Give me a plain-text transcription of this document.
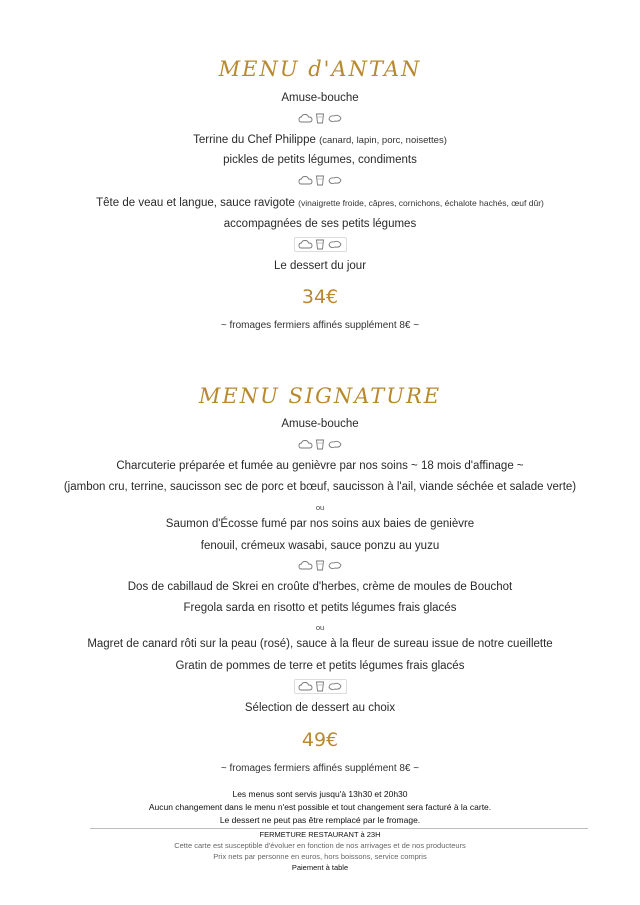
MENU d'ANTAN
Amuse-bouche
Terrine du Chef Philippe (canard, lapin, porc, noisettes)
pickles de petits légumes, condiments
Tête de veau et langue, sauce ravigote (vinaigrette froide, câpres, cornichons, échalote hachés, œuf dûr)
accompagnées de ses petits légumes
Le dessert du jour
34€
~ fromages fermiers affinés supplément 8€ ~
MENU SIGNATURE
Amuse-bouche
Charcuterie préparée et fumée au genièvre par nos soins ~ 18 mois d'affinage ~
(jambon cru, terrine, saucisson sec de porc et bœuf, saucisson à l'ail, viande séchée et salade verte)
ou
Saumon d'Écosse fumé par nos soins aux baies de genièvre
fenouil, crémeux wasabi, sauce ponzu au yuzu
Dos de cabillaud de Skrei en croûte d'herbes, crème de moules de Bouchot
Fregola sarda en risotto et petits légumes frais glacés
ou
Magret de canard rôti sur la peau (rosé), sauce à la fleur de sureau issue de notre cueillette
Gratin de pommes de terre et petits légumes frais glacés
Sélection de dessert au choix
49€
~ fromages fermiers affinés supplément 8€ ~
Les menus sont servis jusqu'à 13h30 et 20h30
Aucun changement dans le menu n'est possible et tout changement sera facturé à la carte.
Le dessert ne peut pas être remplacé par le fromage.
FERMETURE RESTAURANT à 23H
Cette carte est susceptible d'évoluer en fonction de nos arrivages et de nos producteurs
Prix nets par personne en euros, hors boissons, service compris
Paiement à table
